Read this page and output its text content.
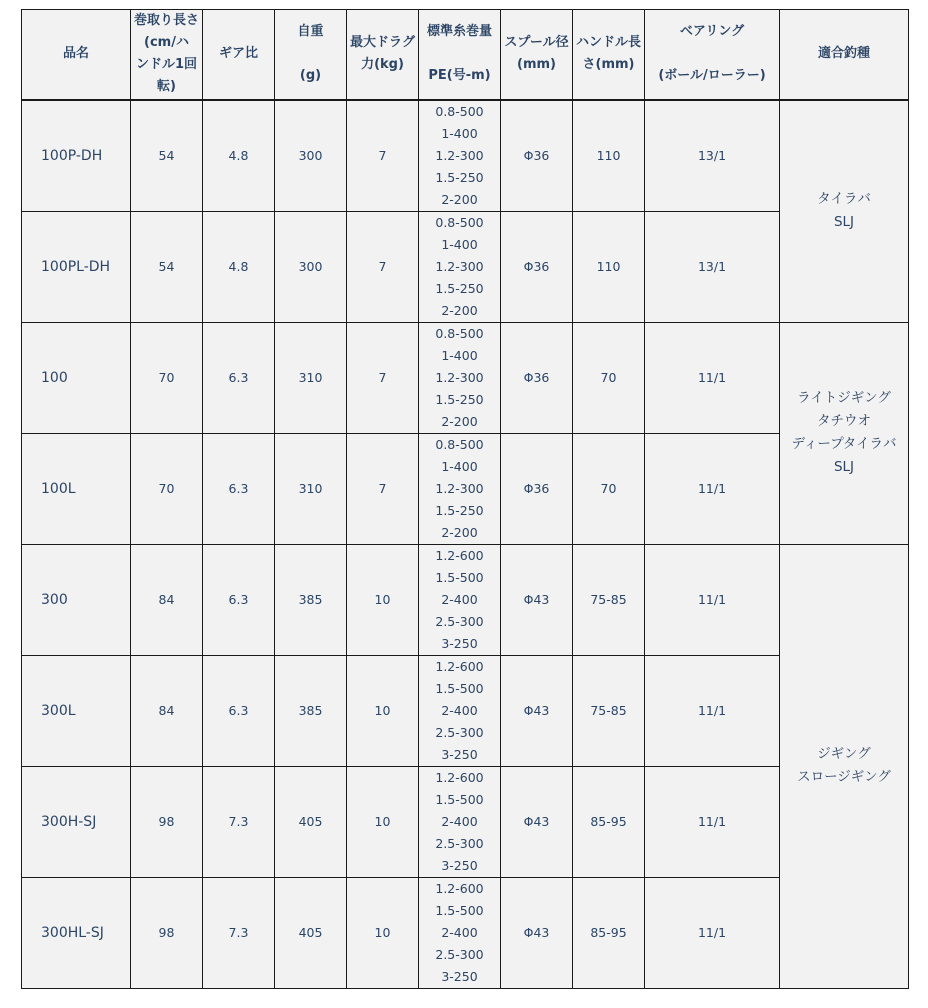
品名	巻取り長さ
(cm/ハ
ンドル1回
転)	ギア比	自重

(g)	最大ドラグ
力(kg)	標準糸巻量

PE(号-m)	スプール径
(mm)	ハンドル長
さ(mm)	ベアリング

(ボール/ローラー)	適合釣種

100P-DH	54	4.8	300	7	0.8-500
1-400
1.2-300
1.5-250
2-200	Φ36	110	13/1	タイラバ
SLJ

100PL-DH	54	4.8	300	7	0.8-500
1-400
1.2-300
1.5-250
2-200	Φ36	110	13/1	
100	70	6.3	310	7	0.8-500
1-400
1.2-300
1.5-250
2-200	Φ36	70	11/1	ライトジギング
タチウオ
ディープタイラバ
SLJ

100L	70	6.3	310	7	0.8-500
1-400
1.2-300
1.5-250
2-200	Φ36	70	11/1	
300	84	6.3	385	10	1.2-600
1.5-500
2-400
2.5-300
3-250	Φ43	75-85	11/1	ジギング
スロージギング

300L	84	6.3	385	10	1.2-600
1.5-500
2-400
2.5-300
3-250	Φ43	75-85	11/1	
300H-SJ	98	7.3	405	10	1.2-600
1.5-500
2-400
2.5-300
3-250	Φ43	85-95	11/1	
300HL-SJ	98	7.3	405	10	1.2-600
1.5-500
2-400
2.5-300
3-250	Φ43	85-95	11/1	
